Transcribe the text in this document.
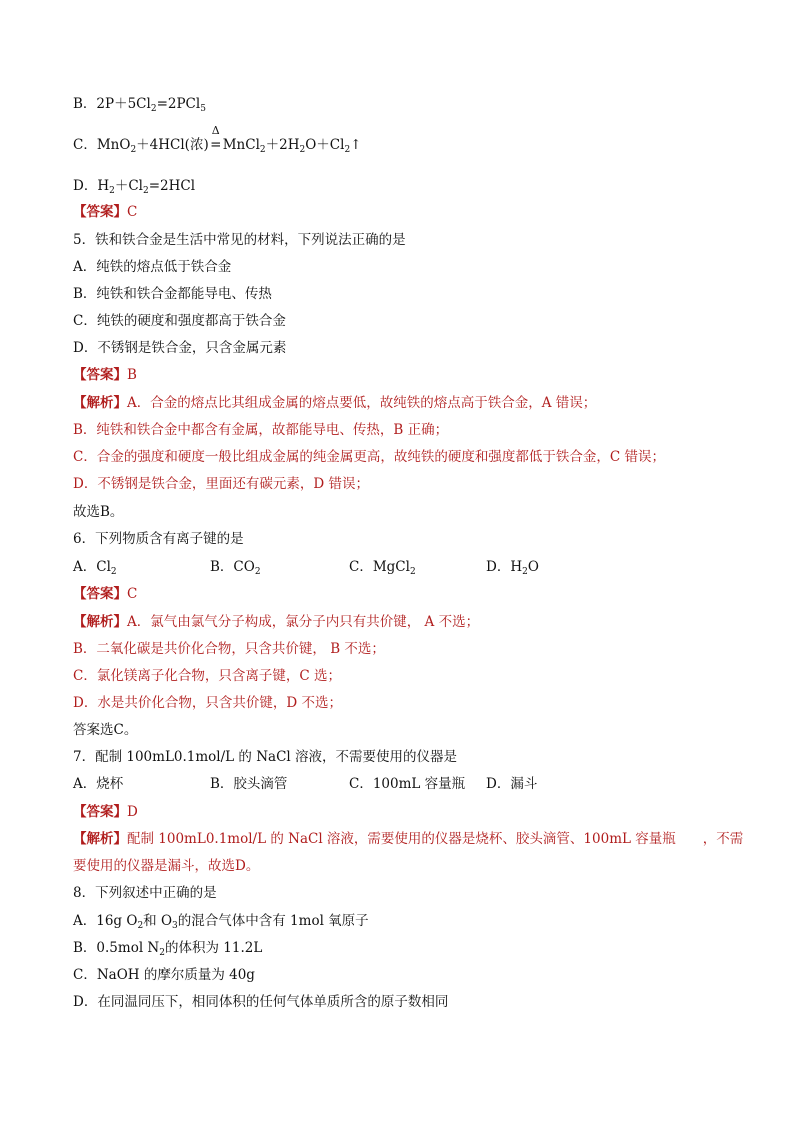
B．$2P+5Cl_2=2PCl_5$
C．MnO$_2$＋4HCl(浓)
Δ
$=MnCl_2+2H_2O+Cl_2↑$
D．$H_2+Cl_2=2HCl$
【答案】C
5．铁和铁合金是生活中常见的材料，下列说法正确的是
A．纯铁的熔点低于铁合金
B．纯铁和铁合金都能导电、传热
C．纯铁的硬度和强度都高于铁合金
D．不锈钢是铁合金，只含金属元素
【答案】B
【解析】A．合金的熔点比其组成金属的熔点要低，故纯铁的熔点高于铁合金，A 错误；
B．纯铁和铁合金中都含有金属，故都能导电、传热，B 正确；
C．合金的强度和硬度一般比组成金属的纯金属更高，故纯铁的硬度和强度都低于铁合金，C 错误；
D．不锈钢是铁合金，里面还有碳元素，D 错误；
故选B。
6．下列物质含有离子键的是
A．$Cl_2$	B．$CO_2$	C．MgCl$_2$	D．$H_2O$
【答案】C
【解析】A．氯气由氯气分子构成，氯分子内只有共价键， A 不选；
B．二氧化碳是共价化合物，只含共价键， B 不选；
C．氯化镁离子化合物，只含离子键，C 选；
D．水是共价化合物，只含共价键，D 不选；
答案选C。
7．配制 100mL0.1mol/L 的 NaCl 溶液，不需要使用的仪器是
A．烧杯	B．胶头滴管	C．100mL 容量瓶 D．漏斗
【答案】D
【解析】配制 100mL0.1mol/L 的 NaCl 溶液，需要使用的仪器是烧杯、胶头滴管、100mL 容量瓶　　，不需
要使用的仪器是漏斗，故选D。
8．下列叙述中正确的是
A．16g $O_2$和 $O_3$的混合气体中含有 1mol 氧原子
B．0.5mol $N_2$的体积为 11.2L
C．NaOH 的摩尔质量为 40g
D．在同温同压下，相同体积的任何气体单质所含的原子数相同
